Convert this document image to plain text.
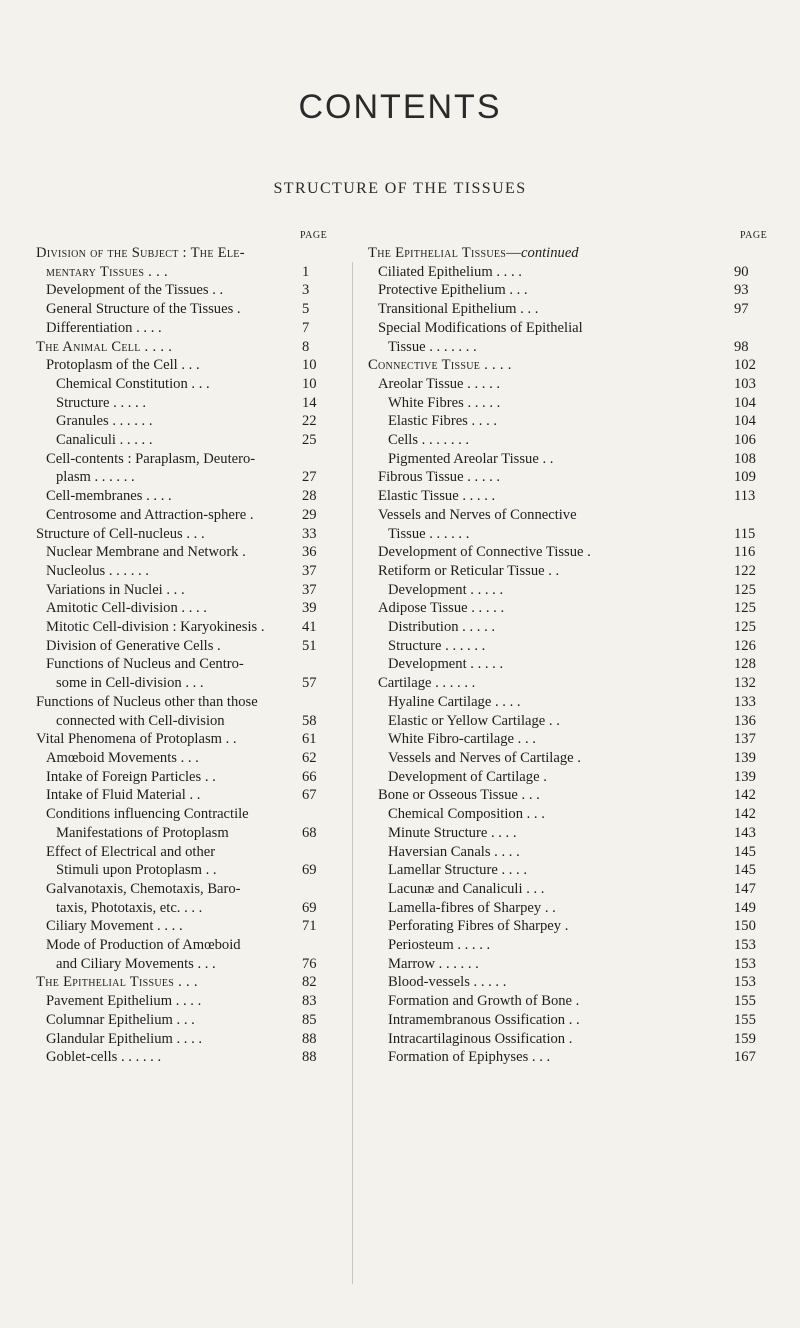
CONTENTS
STRUCTURE OF THE TISSUES
PAGE	PAGE
Division of the Subject : The Ele-
mentary Tissues . . .	1
Development of the Tissues . .	3
General Structure of the Tissues .	5
Differentiation . . . .	7
The Animal Cell . . . .	8
Protoplasm of the Cell . . .	10
Chemical Constitution . . .	10
Structure . . . . .	14
Granules . . . . . .	22
Canaliculi . . . . .	25
Cell-contents : Paraplasm, Deutero-
plasm . . . . . .	27
Cell-membranes . . . .	28
Centrosome and Attraction-sphere .	29
Structure of Cell-nucleus . . .	33
Nuclear Membrane and Network .	36
Nucleolus . . . . . .	37
Variations in Nuclei . . .	37
Amitotic Cell-division . . . .	39
Mitotic Cell-division : Karyokinesis .	41
Division of Generative Cells .	51
Functions of Nucleus and Centro-
some in Cell-division . . .	57
Functions of Nucleus other than those
connected with Cell-division	58
Vital Phenomena of Protoplasm . .	61
Amœboid Movements . . .	62
Intake of Foreign Particles . .	66
Intake of Fluid Material . .	67
Conditions influencing Contractile
Manifestations of Protoplasm	68
Effect of Electrical and other
Stimuli upon Protoplasm . .	69
Galvanotaxis, Chemotaxis, Baro-
taxis, Phototaxis, etc. . . .	69
Ciliary Movement . . . .	71
Mode of Production of Amœboid
and Ciliary Movements . . .	76
The Epithelial Tissues . . .	82
Pavement Epithelium . . . .	83
Columnar Epithelium . . .	85
Glandular Epithelium . . . .	88
Goblet-cells . . . . . .	88
The Epithelial Tissues—continued
Ciliated Epithelium . . . .	90
Protective Epithelium . . .	93
Transitional Epithelium . . .	97
Special Modifications of Epithelial
Tissue . . . . . . .	98
Connective Tissue . . . .	102
Areolar Tissue . . . . .	103
White Fibres . . . . .	104
Elastic Fibres . . . .	104
Cells . . . . . . .	106
Pigmented Areolar Tissue . .	108
Fibrous Tissue . . . . .	109
Elastic Tissue . . . . .	113
Vessels and Nerves of Connective
Tissue . . . . . .	115
Development of Connective Tissue .	116
Retiform or Reticular Tissue . .	122
Development . . . . .	125
Adipose Tissue . . . . .	125
Distribution . . . . .	125
Structure . . . . . .	126
Development . . . . .	128
Cartilage . . . . . .	132
Hyaline Cartilage . . . .	133
Elastic or Yellow Cartilage . .	136
White Fibro-cartilage . . .	137
Vessels and Nerves of Cartilage .	139
Development of Cartilage .	139
Bone or Osseous Tissue . . .	142
Chemical Composition . . .	142
Minute Structure . . . .	143
Haversian Canals . . . .	145
Lamellar Structure . . . .	145
Lacunæ and Canaliculi . . .	147
Lamella-fibres of Sharpey . .	149
Perforating Fibres of Sharpey .	150
Periosteum . . . . .	153
Marrow . . . . . .	153
Blood-vessels . . . . .	153
Formation and Growth of Bone .	155
Intramembranous Ossification . .	155
Intracartilaginous Ossification .	159
Formation of Epiphyses . . .	167
